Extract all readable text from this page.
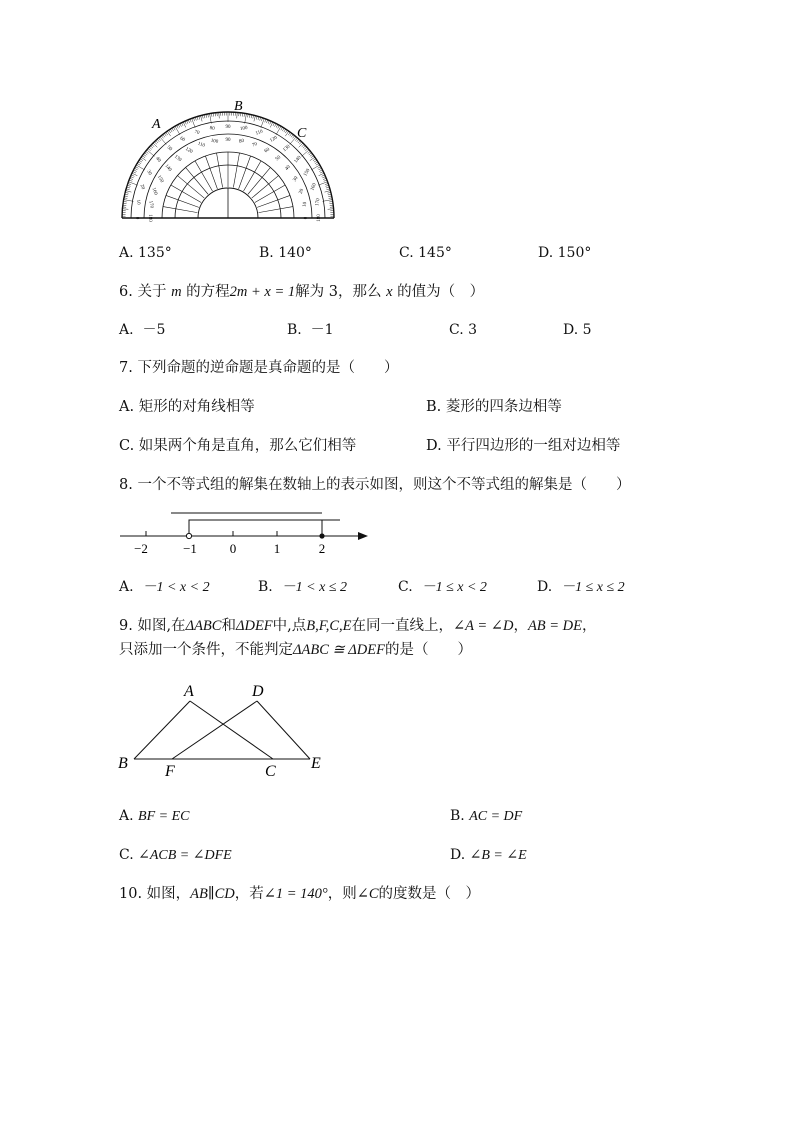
0
10
20
30
40
50
60
70
80 90 100
110
120
130
140
150
160
170
180
180
170
160
150
140
130
120
110 100 90 80
70
60
50
40
30
20
10
0
A
B
C
A. 135°	B. 140°	C. 145°	D. 150°
6. 关于 m 的方程2m + x = 1解为 3，那么 x 的值为（　）
A. －5	B. －1	C. 3	D. 5
7. 下列命题的逆命题是真命题的是（　　）
A. 矩形的对角线相等	B. 菱形的四条边相等
C. 如果两个角是直角，那么它们相等	D. 平行四边形的一组对边相等
8. 一个不等式组的解集在数轴上的表示如图，则这个不等式组的解集是（　　）
−2	−1	0	1	2
A. －1 < x < 2	B. －1 < x ≤ 2	C. －1 ≤ x < 2	D. －1 ≤ x ≤ 2
9. 如图,在ΔABC和ΔDEF中,点B,F,C,E在同一直线上，∠A = ∠D，AB = DE，
只添加一个条件，不能判定ΔABC ≅ ΔDEF的是（　　）
A	D
B F	C E
A. BF = EC	B. AC = DF
C. ∠ACB = ∠DFE	D. ∠B = ∠E
10. 如图，AB∥CD，若∠1 = 140°，则∠C的度数是（　）
